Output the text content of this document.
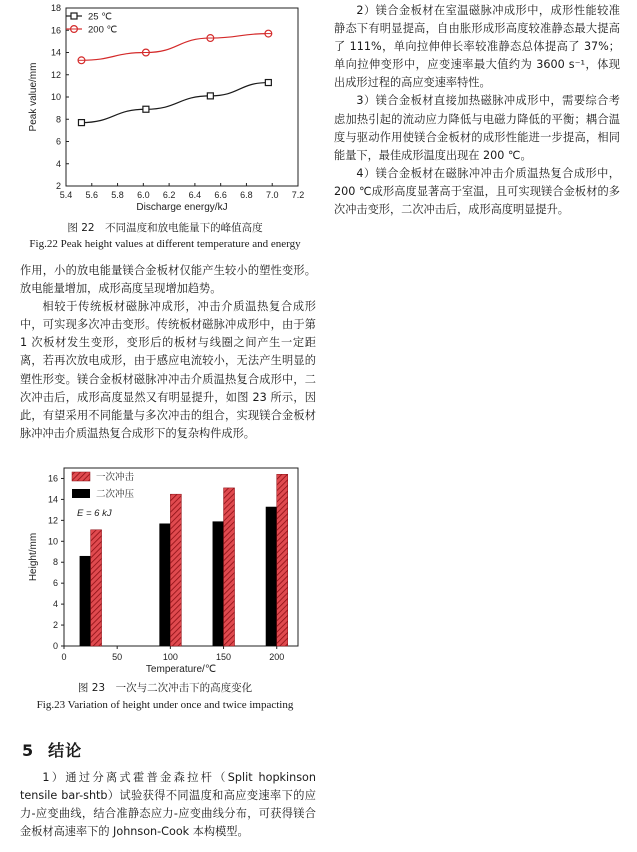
5.4 5.6 5.8 6.0 6.2 6.4 6.6 6.8 7.0 7.2
2
4
6
8
10
12
14
16
18
Discharge energy/kJ
Peak value/mm
25 ℃
200 ℃
图 22　不同温度和放电能量下的峰值高度
Fig.22 Peak height values at different temperature and energy

作用，小的放电能量镁合金板材仅能产生较小的塑性变形。放电能量增加，成形高度呈现增加趋势。

相较于传统板材磁脉冲成形，冲击介质温热复合成形中，可实现多次冲击变形。传统板材磁脉冲成形中，由于第 1 次板材发生变形，变形后的板材与线圈之间产生一定距离，若再次放电成形，由于感应电流较小，无法产生明显的塑性形变。镁合金板材磁脉冲冲击介质温热复合成形中，二次冲击后，成形高度显然又有明显提升，如图 23 所示，因此，有望采用不同能量与多次冲击的组合，实现镁合金板材脉冲冲击介质温热复合成形下的复杂构件成形。

0	50	100	150	200
0
2
4
6
8
10
12
14
16
Temperature/℃
Height/mm
一次冲击
二次冲压
E = 6 kJ
图 23　一次与二次冲击下的高度变化
Fig.23 Variation of height under once and twice impacting
5 结论

1）通过分离式霍普金森拉杆（Split hopkinson tensile bar-shtb）试验获得不同温度和高应变速率下的应力-应变曲线，结合准静态应力-应变曲线分布，可获得镁合金板材高速率下的 Johnson-Cook 本构模型。

2）镁合金板材在室温磁脉冲成形中，成形性能较准静态下有明显提高，自由胀形成形高度较准静态最大提高了 111%，单向拉伸伸长率较准静态总体提高了 37%；单向拉伸变形中，应变速率最大值约为 3600 s⁻¹，体现出成形过程的高应变速率特性。

3）镁合金板材直接加热磁脉冲成形中，需要综合考虑加热引起的流动应力降低与电磁力降低的平衡；耦合温度与驱动作用使镁合金板材的成形性能进一步提高，相同能量下，最佳成形温度出现在 200 ℃。

4）镁合金板材在磁脉冲冲击介质温热复合成形中，200 ℃成形高度显著高于室温，且可实现镁合金板材的多次冲击变形，二次冲击后，成形高度明显提升。
